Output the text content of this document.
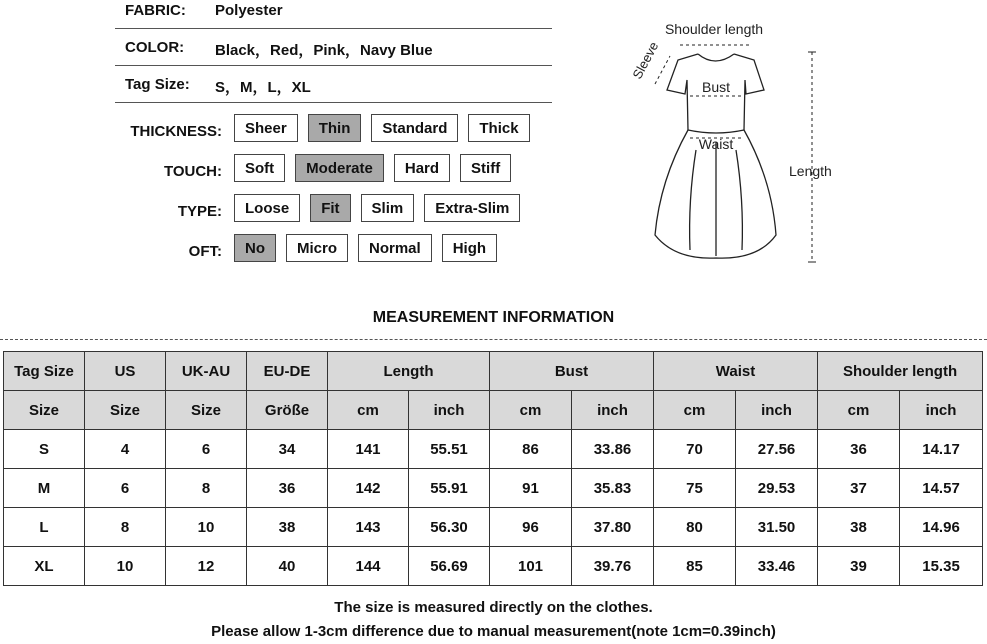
FABRIC: Polyester
COLOR: Black，Red，Pink，Navy Blue
Tag Size: S，M，L，XL
THICKNESS:	Sheer	Thin	Standard	Thick
TOUCH:	Soft	Moderate	Hard	Stiff
TYPE:	Loose	Fit	Slim	Extra-Slim
OFT:	No	Micro	Normal	High
Shoulder length
Sleeve
Bust
Waist
Length
MEASUREMENT INFORMATION
Tag Size	US	UK-AU	EU-DE	Length		Bust		Waist		Shoulder length	
Size	Size	Size	Größe	cm	inch	cm	inch	cm	inch	cm	inch
S	4	6	34	141	55.51	86	33.86	70	27.56	36	14.17
M	6	8	36	142	55.91	91	35.83	75	29.53	37	14.57
L	8	10	38	143	56.30	96	37.80	80	31.50	38	14.96
XL	10	12	40	144	56.69	101	39.76	85	33.46	39	15.35
The size is measured directly on the clothes.
Please allow 1-3cm difference due to manual measurement(note 1cm=0.39inch)
